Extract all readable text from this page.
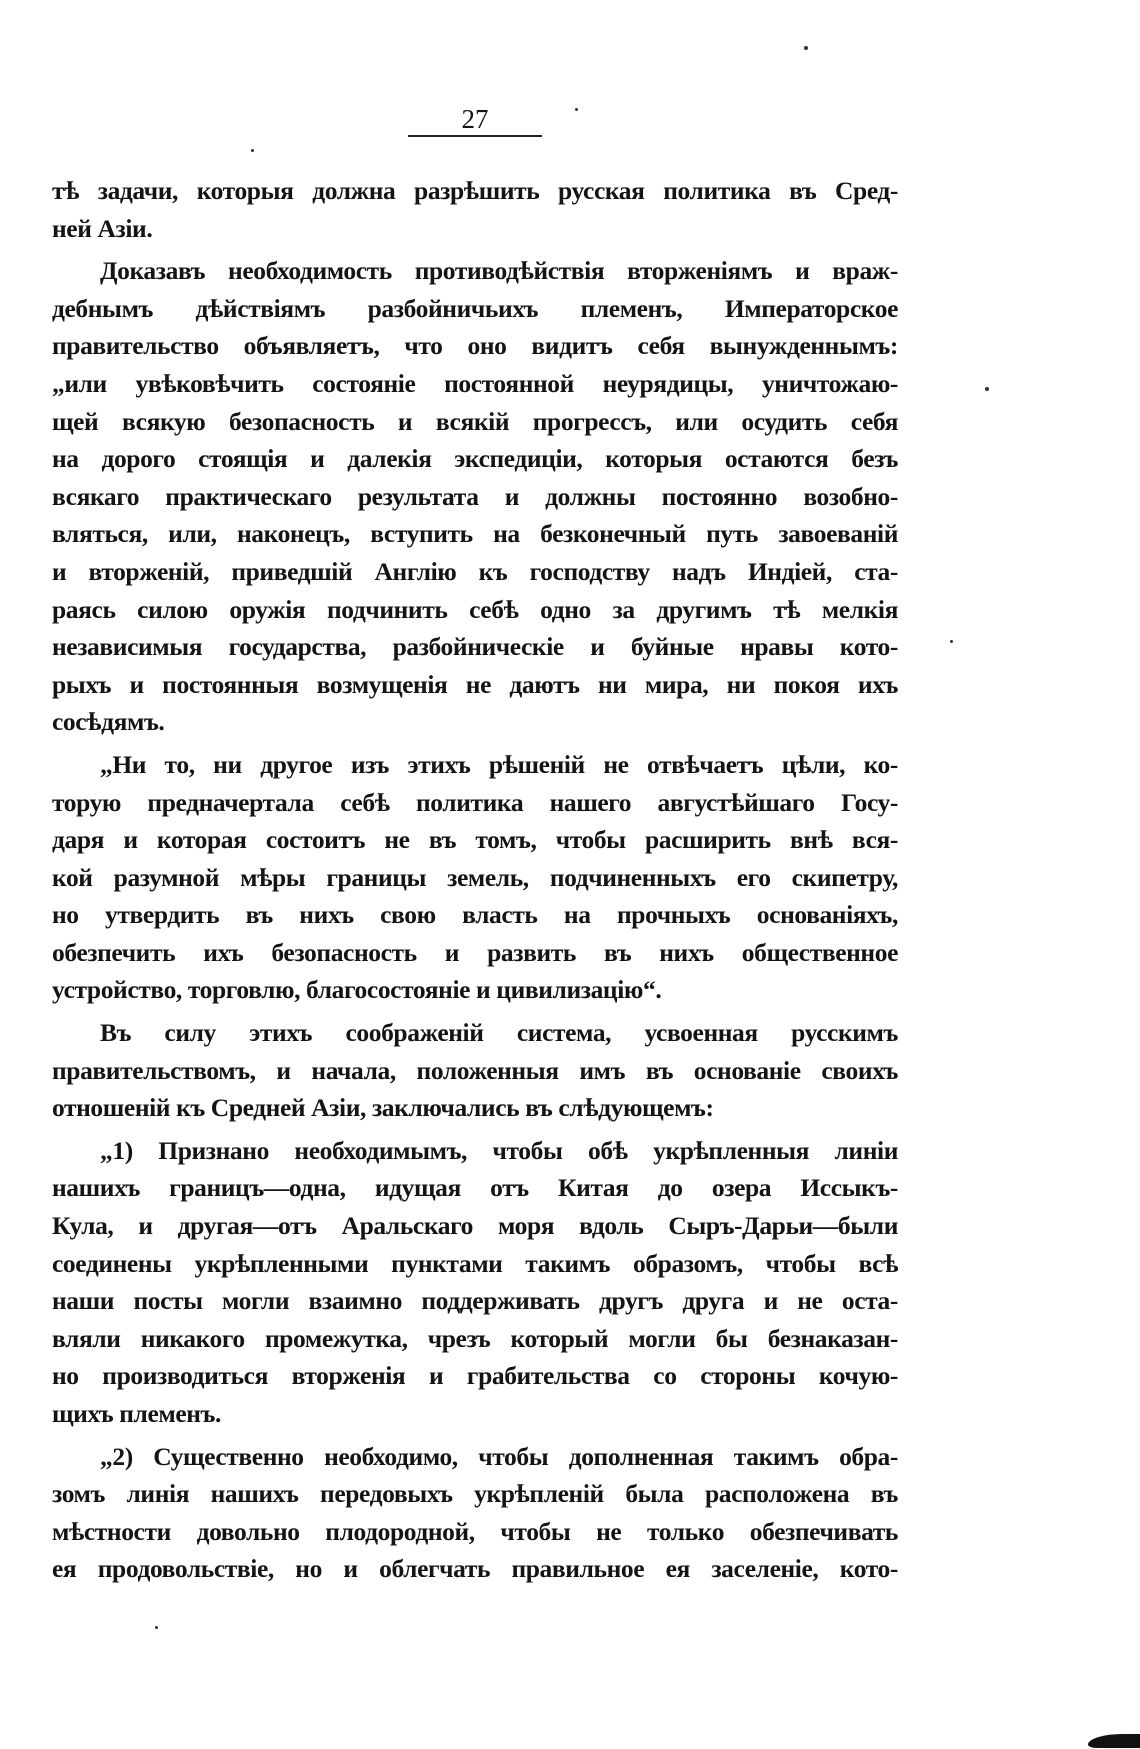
27
тѣ задачи, которыя должна разрѣшить русская политика въ Сред-
ней Азіи.
Доказавъ необходимость противодѣйствія вторженіямъ и враж-
дебнымъ дѣйствіямъ разбойничьихъ племенъ, Императорское
правительство объявляетъ, что оно видитъ себя вынужденнымъ:
„или увѣковѣчить состояніе постоянной неурядицы, уничтожаю-
щей всякую безопасность и всякій прогрессъ, или осудить себя
на дорого стоящія и далекія экспедиціи, которыя остаются безъ
всякаго практическаго результата и должны постоянно возобно-
вляться, или, наконецъ, вступить на безконечный путь завоеваній
и вторженій, приведшій Англію къ господству надъ Индіей, ста-
раясь силою оружія подчинить себѣ одно за другимъ тѣ мелкія
независимыя государства, разбойническіе и буйные нравы кото-
рыхъ и постоянныя возмущенія не даютъ ни мира, ни покоя ихъ
сосѣдямъ.
„Ни то, ни другое изъ этихъ рѣшеній не отвѣчаетъ цѣли, ко-
торую предначертала себѣ политика нашего августѣйшаго Госу-
даря и которая состоитъ не въ томъ, чтобы расширить внѣ вся-
кой разумной мѣры границы земель, подчиненныхъ его скипетру,
но утвердить въ нихъ свою власть на прочныхъ основаніяхъ,
обезпечить ихъ безопасность и развить въ нихъ общественное
устройство, торговлю, благосостояніе и цивилизацію“.
Въ силу этихъ соображеній система, усвоенная русскимъ
правительствомъ, и начала, положенныя имъ въ основаніе своихъ
отношеній къ Средней Азіи, заключались въ слѣдующемъ:
„1) Признано необходимымъ, чтобы обѣ укрѣпленныя линіи
нашихъ границъ—одна, идущая отъ Китая до озера Иссыкъ-
Кула, и другая—отъ Аральскаго моря вдоль Сыръ-Дарьи—были
соединены укрѣпленными пунктами такимъ образомъ, чтобы всѣ
наши посты могли взаимно поддерживать другъ друга и не оста-
вляли никакого промежутка, чрезъ который могли бы безнаказан-
но производиться вторженія и грабительства со стороны кочую-
щихъ племенъ.
„2) Существенно необходимо, чтобы дополненная такимъ обра-
зомъ линія нашихъ передовыхъ укрѣпленій была расположена въ
мѣстности довольно плодородной, чтобы не только обезпечивать
ея продовольствіе, но и облегчать правильное ея заселеніе, кото-
